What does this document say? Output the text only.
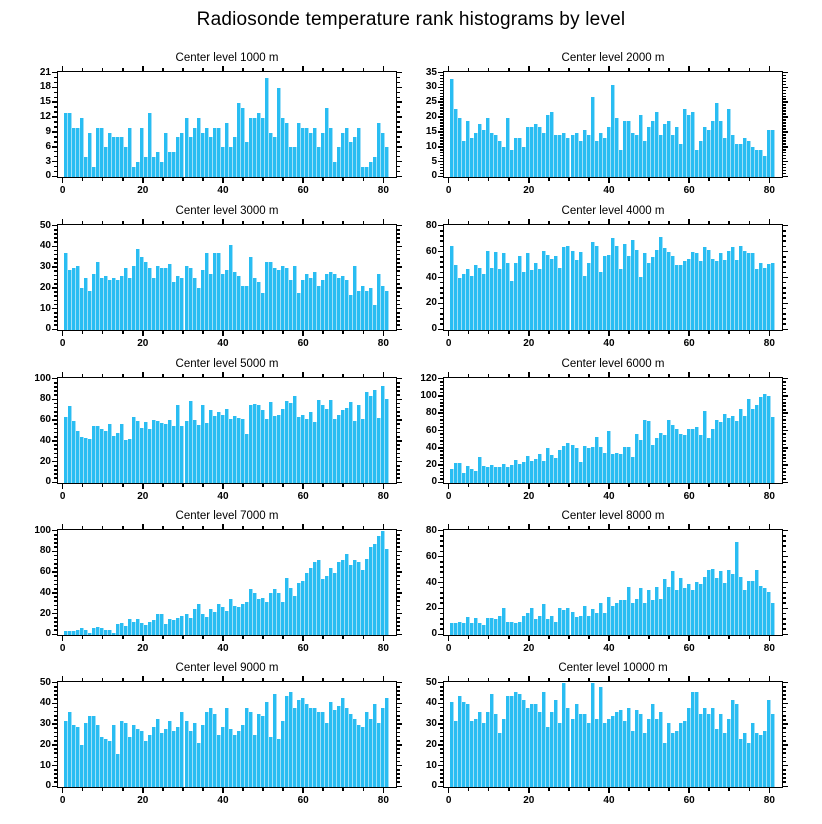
Radiosonde temperature rank histograms by level
Center level 1000 m
0	20	40	60	80
0
3
6
9
12
15
18
21
Center level 2000 m
0	20	40	60	80
0
5
10
15
20
25
30
35
Center level 3000 m
0	20	40	60	80
0
10
20
30
40
50
Center level 4000 m
0	20	40	60	80
0
20
40
60
80
Center level 5000 m
0	20	40	60	80
0
20
40
60
80
100
Center level 6000 m
0	20	40	60	80
0
20
40
60
80
100
120
Center level 7000 m
0	20	40	60	80
0
20
40
60
80
100
Center level 8000 m
0	20	40	60	80
0
20
40
60
80
Center level 9000 m
0	20	40	60	80
0
10
20
30
40
50
Center level 10000 m
0	20	40	60	80
0
10
20
30
40
50
